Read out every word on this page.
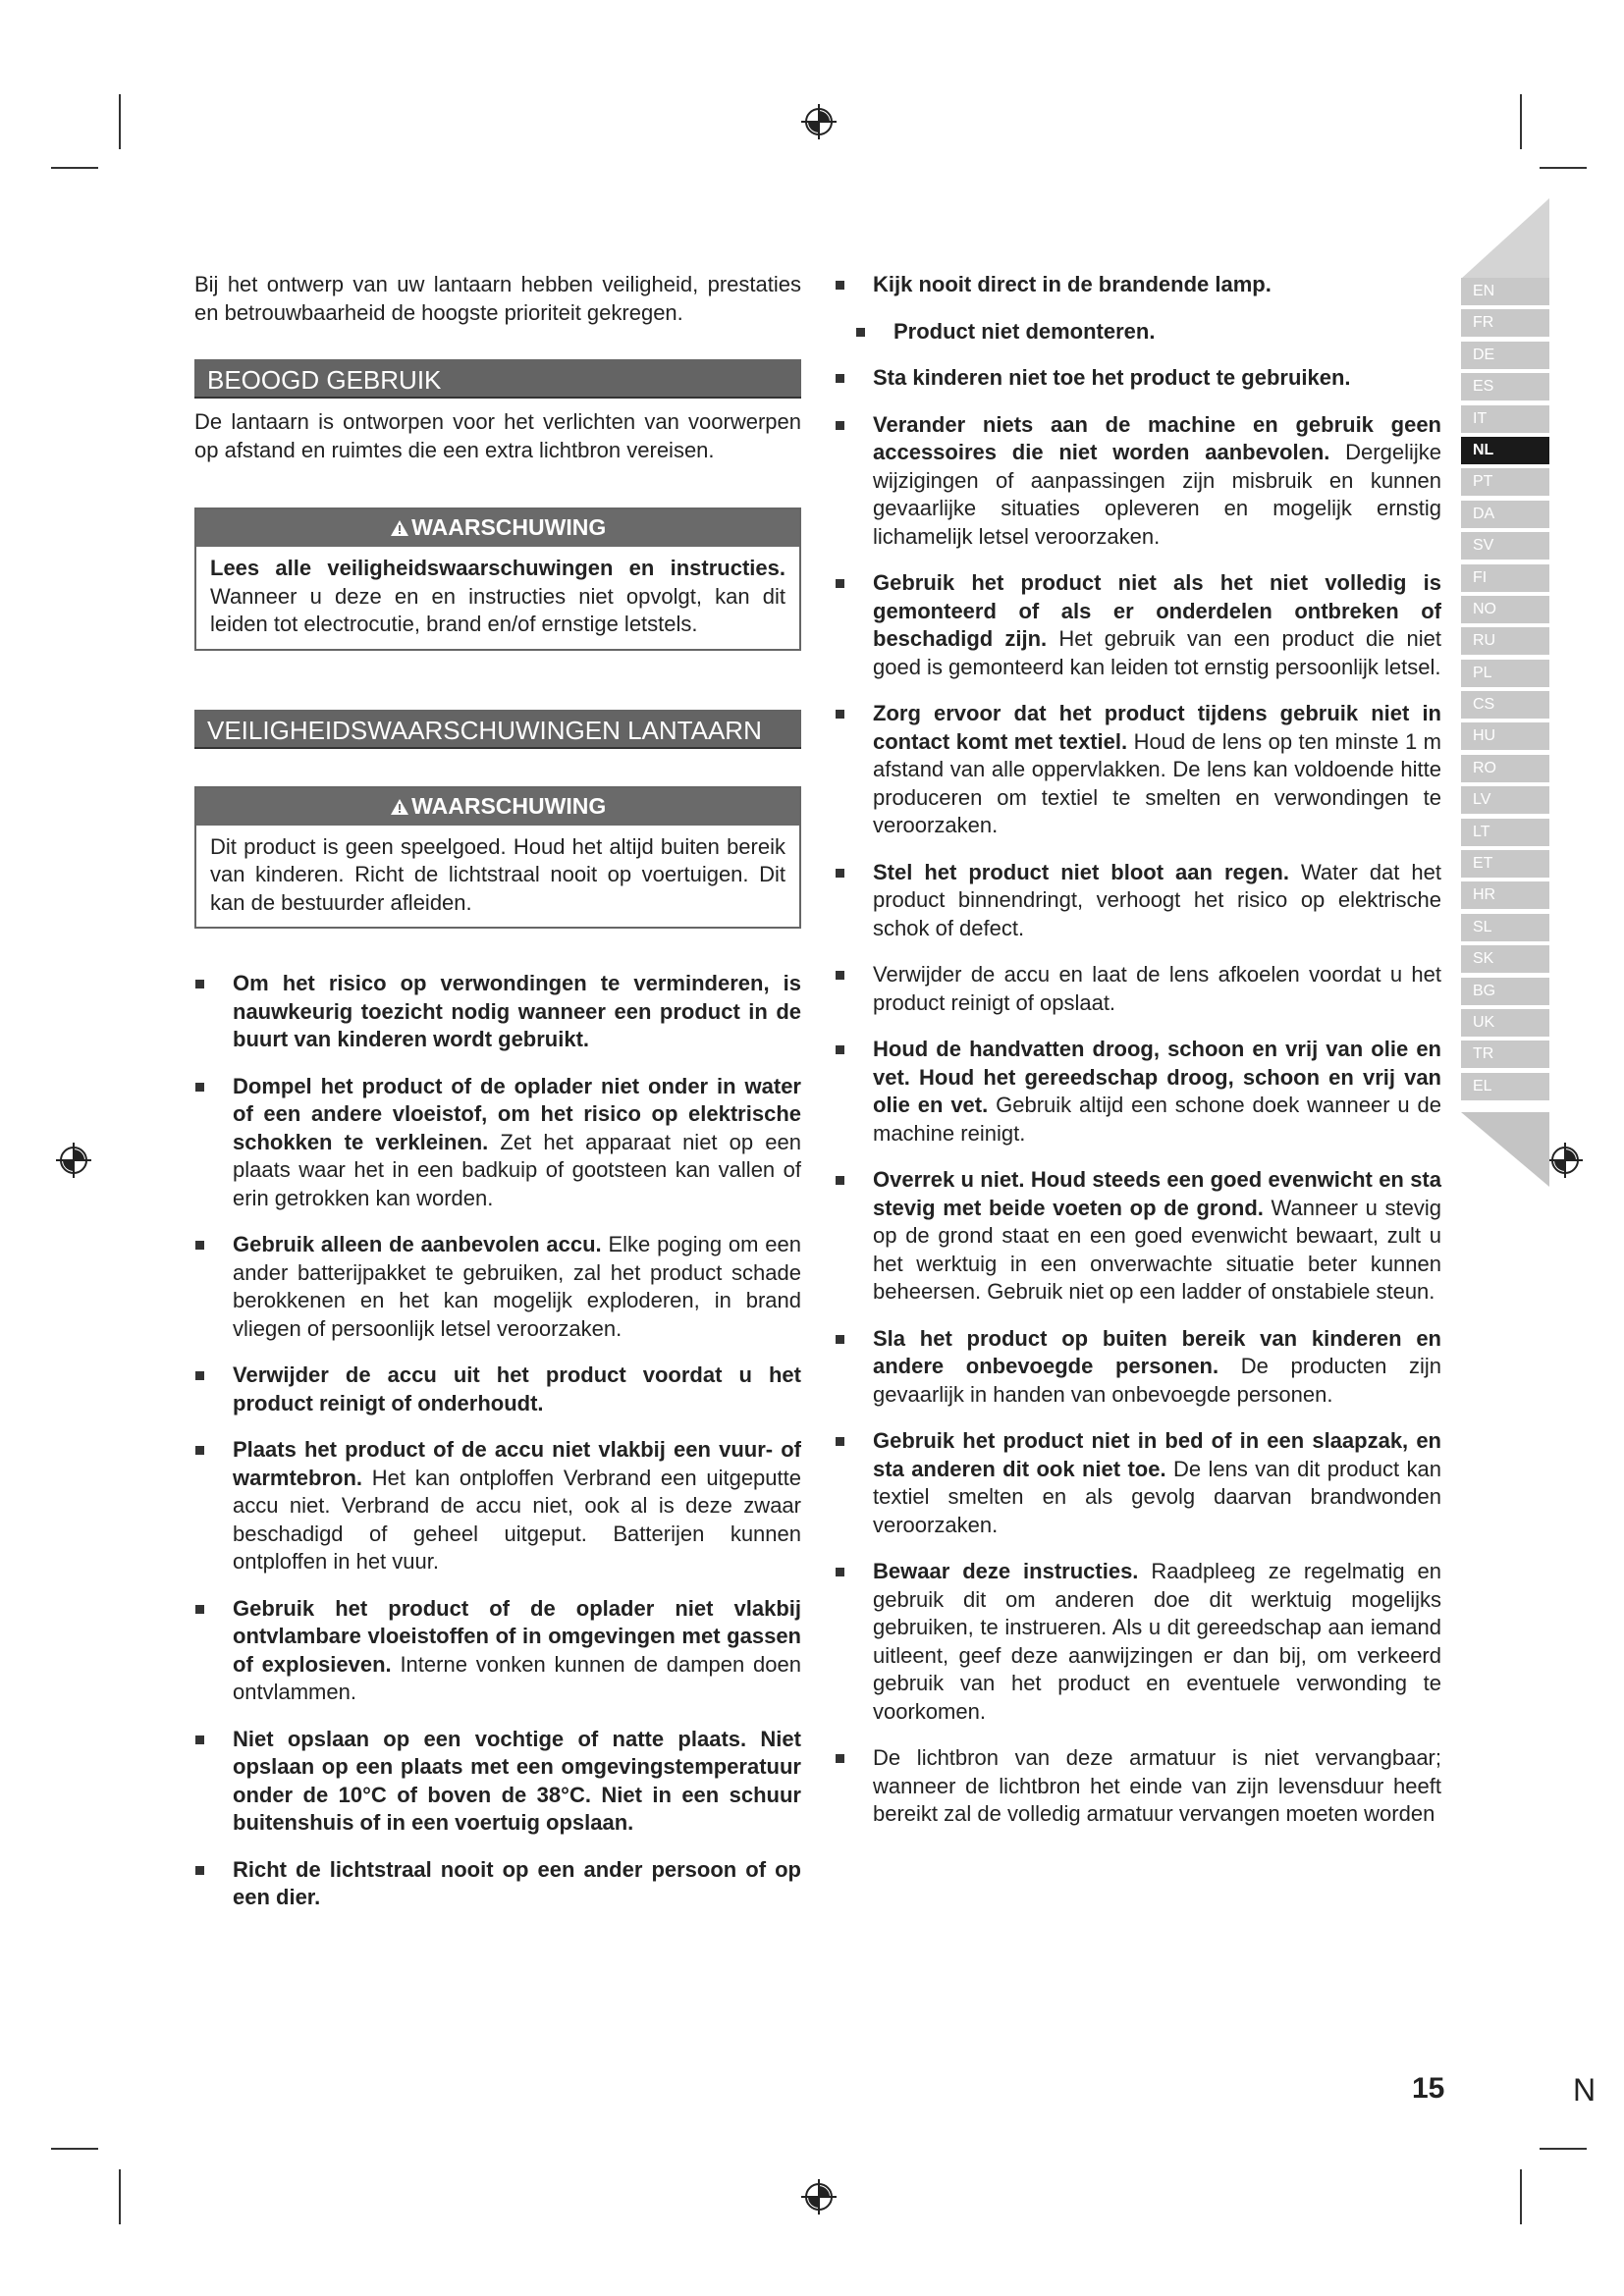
Bij het ontwerp van uw lantaarn hebben veiligheid, prestaties en betrouwbaarheid de hoogste prioriteit gekregen.

BEOOGD GEBRUIK

De lantaarn is ontworpen voor het verlichten van voorwerpen op afstand en ruimtes die een extra lichtbron vereisen.

WAARSCHUWING
Lees alle veiligheidswaarschuwingen en instructies. Wanneer u deze en en instructies niet opvolgt, kan dit leiden tot electrocutie, brand en/of ernstige letstels.
VEILIGHEIDSWAARSCHUWINGEN LANTAARN
WAARSCHUWING
Dit product is geen speelgoed. Houd het altijd buiten bereik van kinderen. Richt de lichtstraal nooit op voertuigen. Dit kan de bestuurder afleiden.
Om het risico op verwondingen te verminderen, is nauwkeurig toezicht nodig wanneer een product in de buurt van kinderen wordt gebruikt.
Dompel het product of de oplader niet onder in water of een andere vloeistof, om het risico op elektrische schokken te verkleinen. Zet het apparaat niet op een plaats waar het in een badkuip of gootsteen kan vallen of erin getrokken kan worden.
Gebruik alleen de aanbevolen accu. Elke poging om een ander batterijpakket te gebruiken, zal het product schade berokkenen en het kan mogelijk exploderen, in brand vliegen of persoonlijk letsel veroorzaken.
Verwijder de accu uit het product voordat u het product reinigt of onderhoudt.
Plaats het product of de accu niet vlakbij een vuur- of warmtebron. Het kan ontploffen Verbrand een uitgeputte accu niet. Verbrand de accu niet, ook al is deze zwaar beschadigd of geheel uitgeput. Batterijen kunnen ontploffen in het vuur.
Gebruik het product of de oplader niet vlakbij ontvlambare vloeistoffen of in omgevingen met gassen of explosieven. Interne vonken kunnen de dampen doen ontvlammen.
Niet opslaan op een vochtige of natte plaats. Niet opslaan op een plaats met een omgevingstemperatuur onder de 10°C of boven de 38°C. Niet in een schuur buitenshuis of in een voertuig opslaan.
Richt de lichtstraal nooit op een ander persoon of op een dier.
Kijk nooit direct in de brandende lamp.
Product niet demonteren.
Sta kinderen niet toe het product te gebruiken.
Verander niets aan de machine en gebruik geen accessoires die niet worden aanbevolen. Dergelijke wijzigingen of aanpassingen zijn misbruik en kunnen gevaarlijke situaties opleveren en mogelijk ernstig lichamelijk letsel veroorzaken.
Gebruik het product niet als het niet volledig is gemonteerd of als er onderdelen ontbreken of beschadigd zijn. Het gebruik van een product die niet goed is gemonteerd kan leiden tot ernstig persoonlijk letsel.
Zorg ervoor dat het product tijdens gebruik niet in contact komt met textiel. Houd de lens op ten minste 1 m afstand van alle oppervlakken. De lens kan voldoende hitte produceren om textiel te smelten en verwondingen te veroorzaken.
Stel het product niet bloot aan regen. Water dat het product binnendringt, verhoogt het risico op elektrische schok of defect.
Verwijder de accu en laat de lens afkoelen voordat u het product reinigt of opslaat.
Houd de handvatten droog, schoon en vrij van olie en vet. Houd het gereedschap droog, schoon en vrij van olie en vet. Gebruik altijd een schone doek wanneer u de machine reinigt.
Overrek u niet. Houd steeds een goed evenwicht en sta stevig met beide voeten op de grond. Wanneer u stevig op de grond staat en een goed evenwicht bewaart, zult u het werktuig in een onverwachte situatie beter kunnen beheersen. Gebruik niet op een ladder of onstabiele steun.
Sla het product op buiten bereik van kinderen en andere onbevoegde personen. De producten zijn gevaarlijk in handen van onbevoegde personen.
Gebruik het product niet in bed of in een slaapzak, en sta anderen dit ook niet toe. De lens van dit product kan textiel smelten en als gevolg daarvan brandwonden veroorzaken.
Bewaar deze instructies. Raadpleeg ze regelmatig en gebruik dit om anderen doe dit werktuig mogelijks gebruiken, te instrueren. Als u dit gereedschap aan iemand uitleent, geef deze aanwijzingen er dan bij, om verkeerd gebruik van het product en eventuele verwonding te voorkomen.
De lichtbron van deze armatuur is niet vervangbaar; wanneer de lichtbron het einde van zijn levensduur heeft bereikt zal de volledig armatuur vervangen moeten worden
EN
FR
DE
ES
IT
NL
PT
DA
SV
FI
NO
RU
PL
CS
HU
RO
LV
LT
ET
HR
SL
SK
BG
UK
TR
EL
15	N
